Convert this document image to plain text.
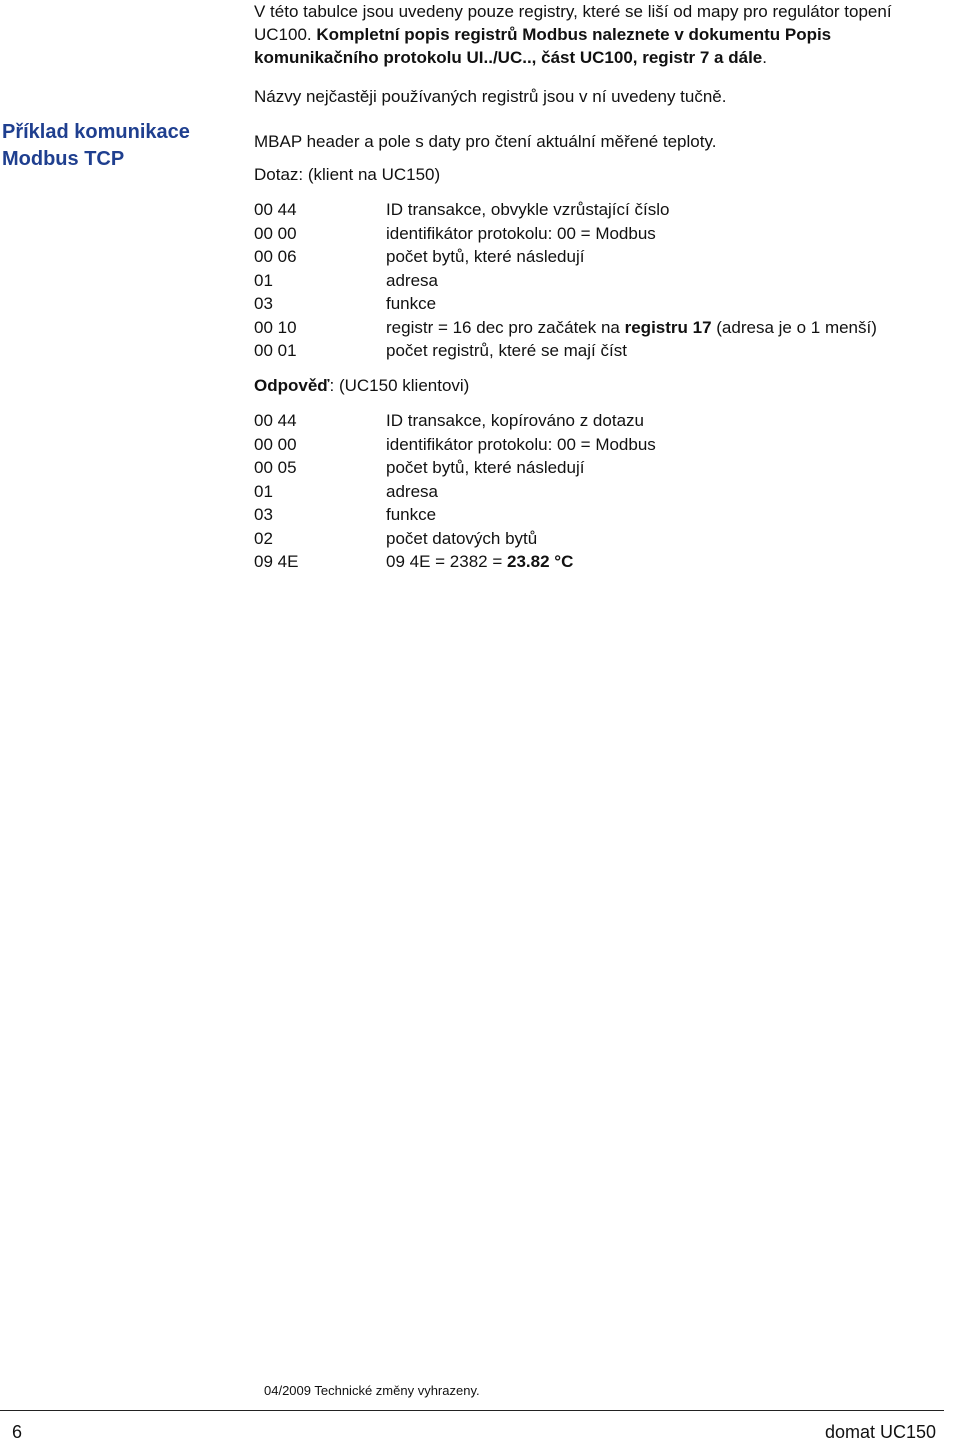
V této tabulce jsou uvedeny pouze registry, které se liší od mapy pro regulátor topení UC100. Kompletní popis registrů Modbus naleznete v dokumentu Popis komunikačního protokolu UI../UC.., část UC100, registr 7 a dále.
Názvy nejčastěji používaných registrů jsou v ní uvedeny tučně.
Příklad komunikace Modbus TCP
MBAP header a pole s daty pro čtení aktuální měřené teploty.
Dotaz: (klient na UC150)
00 44	ID transakce, obvykle vzrůstající číslo
00 00	identifikátor protokolu: 00 = Modbus
00 06	počet bytů, které následují
01	adresa
03	funkce
00 10	registr = 16 dec pro začátek na registru 17 (adresa je o 1 menší)
00 01	počet registrů, které se mají číst
Odpověď: (UC150 klientovi)
00 44	ID transakce, kopírováno z dotazu
00 00	identifikátor protokolu: 00 = Modbus
00 05	počet bytů, které následují
01	adresa
03	funkce
02	počet datových bytů
09 4E	09 4E = 2382 = 23.82 °C
04/2009 Technické změny vyhrazeny.
6	domat UC150
